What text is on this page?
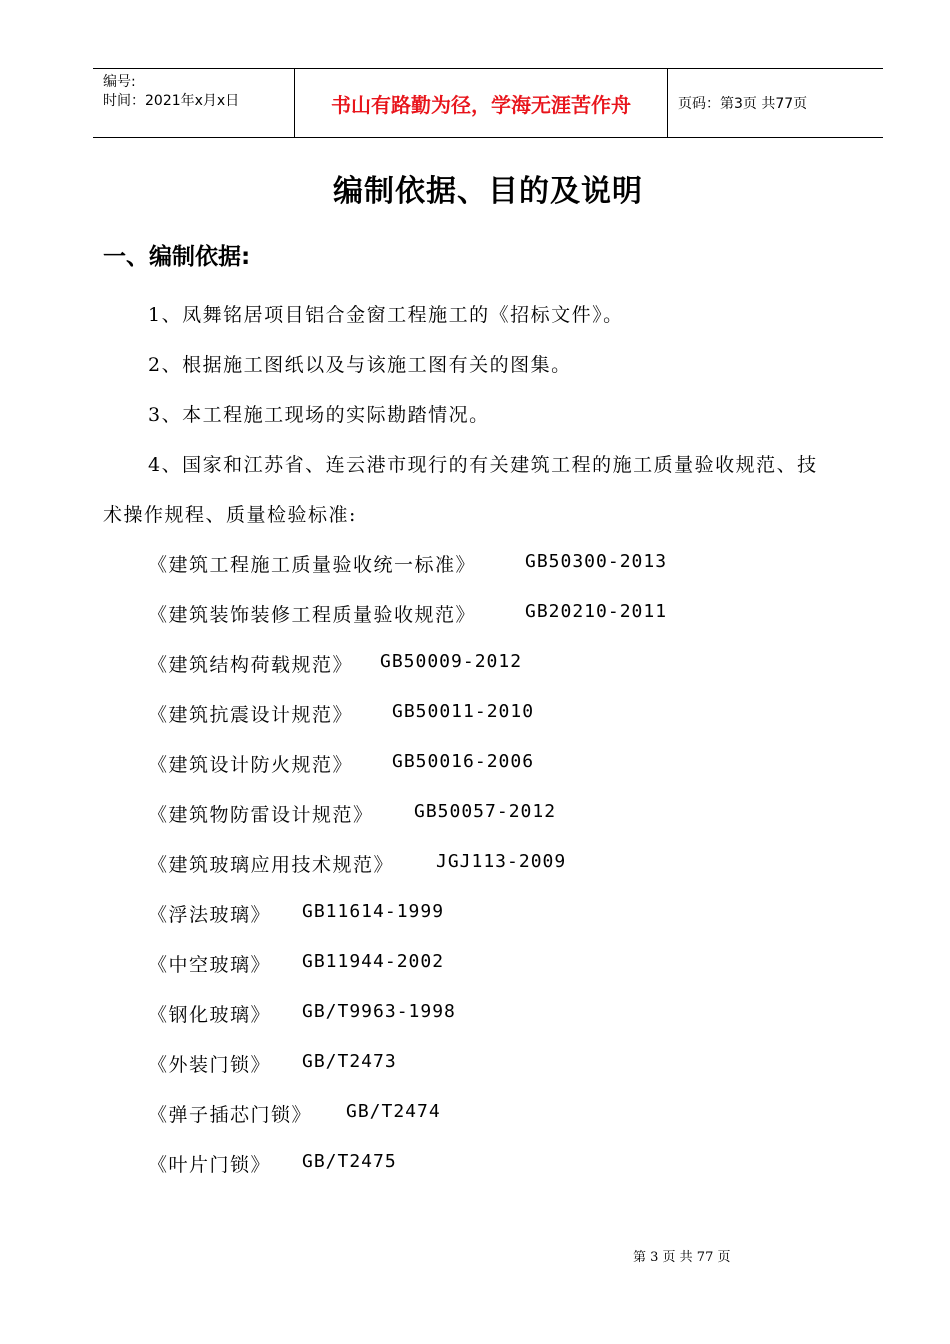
编号:
时间：2021年x月x日	书山有路勤为径，学海无涯苦作舟	页码：第3页 共77页
编制依据、目的及说明
一、编制依据:
1、凤舞铭居项目铝合金窗工程施工的《招标文件》。
2、根据施工图纸以及与该施工图有关的图集。
3、本工程施工现场的实际勘踏情况。
4、国家和江苏省、连云港市现行的有关建筑工程的施工质量验收规范、技
术操作规程、质量检验标准:
《建筑工程施工质量验收统一标准》	GB50300-2013
《建筑装饰装修工程质量验收规范》	GB20210-2011
《建筑结构荷载规范》 GB50009-2012
《建筑抗震设计规范》 GB50011-2010
《建筑设计防火规范》 GB50016-2006
《建筑物防雷设计规范》 GB50057-2012
《建筑玻璃应用技术规范》 JGJ113-2009
《浮法玻璃》 GB11614-1999
《中空玻璃》 GB11944-2002
《钢化玻璃》 GB/T9963-1998
《外装门锁》 GB/T2473
《弹子插芯门锁》 GB/T2474
《叶片门锁》 GB/T2475
第 3 页 共 77 页
